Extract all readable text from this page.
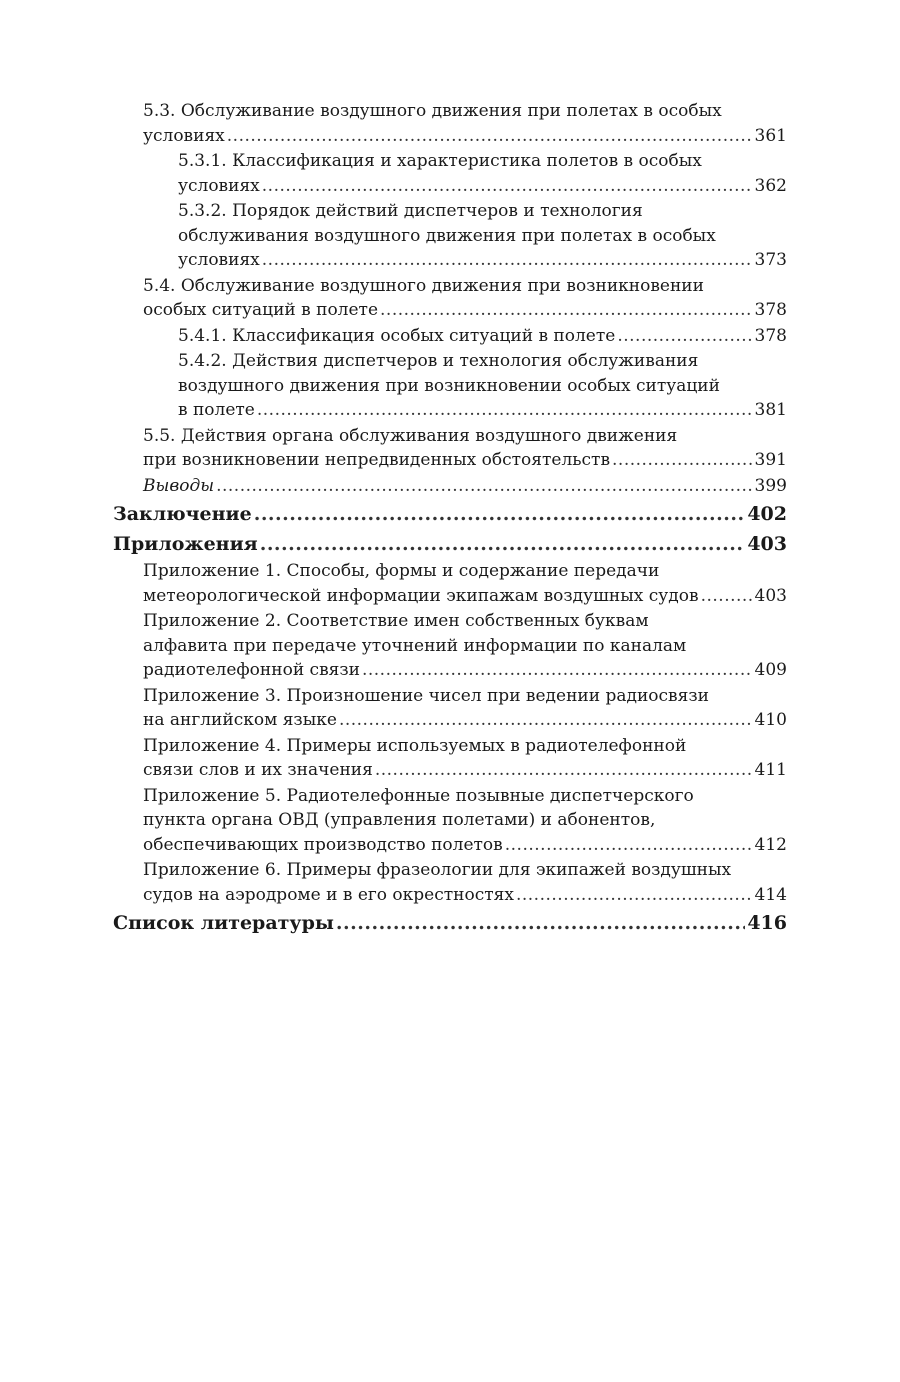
5.3. Обслуживание воздушного движения при полетах в особых
условиях .....	361
5.3.1. Классификация и характеристика полетов в особых
условиях .....	362
5.3.2. Порядок действий диспетчеров и технология
обслуживания воздушного движения при полетах в особых
условиях .....	373
5.4. Обслуживание воздушного движения при возникновении
особых ситуаций в полете .....	378
5.4.1. Классификация особых ситуаций в полете .....	378
5.4.2. Действия диспетчеров и технология обслуживания
воздушного движения при возникновении особых ситуаций
в полете .....	381
5.5. Действия органа обслуживания воздушного движения
при возникновении непредвиденных обстоятельств .....	391
Выводы .....	399
Заключение .....	402
Приложения .....	403
Приложение 1. Способы, формы и содержание передачи
метеорологической информации экипажам воздушных судов .....	403
Приложение 2. Соответствие имен собственных буквам
алфавита при передаче уточнений информации по каналам
радиотелефонной связи .....	409
Приложение 3. Произношение чисел при ведении радиосвязи
на английском языке .....	410
Приложение 4. Примеры используемых в радиотелефонной
связи слов и их значения .....	411
Приложение 5. Радиотелефонные позывные диспетчерского
пункта органа ОВД (управления полетами) и абонентов,
обеспечивающих производство полетов .....	412
Приложение 6. Примеры фразеологии для экипажей воздушных
судов на аэродроме и в его окрестностях .....	414
Список литературы .....	416
